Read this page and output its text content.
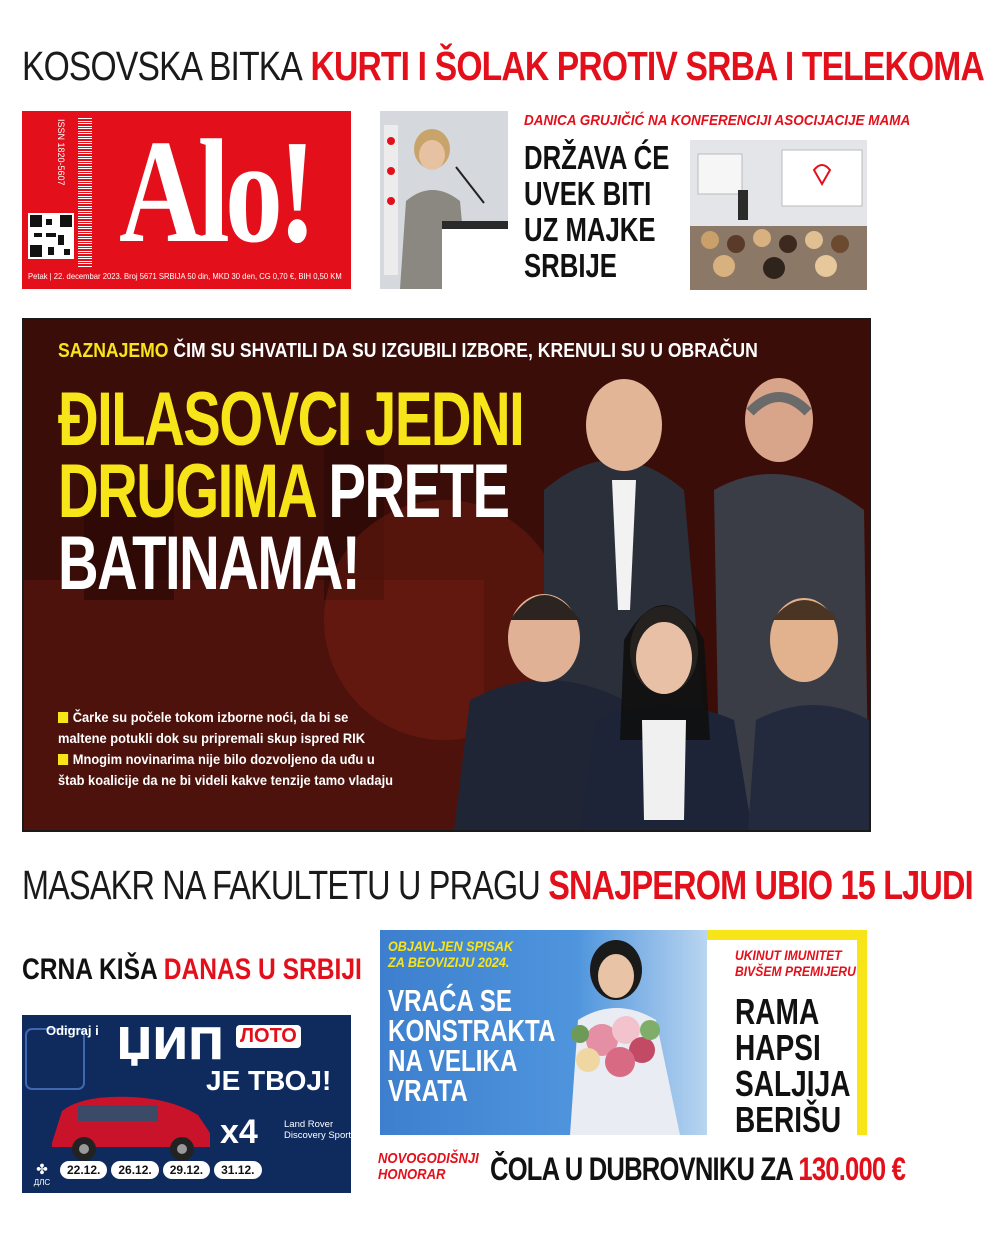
KOSOVSKA BITKA KURTI I ŠOLAK PROTIV SRBA I TELEKOMA
ISSN 1820-5607 Alo!
Petak | 22. decembar 2023. Broj 5671 SRBIJA 50 din, MKD 30 den, CG 0,70 €, BIH 0,50 KM
DANICA GRUJIČIĆ NA KONFERENCIJI ASOCIJACIJE MAMA
DRŽAVA ĆE
UVEK BITI
UZ MAJKE
SRBIJE
SAZNAJEMO ČIM SU SHVATILI DA SU IZGUBILI IZBORE, KRENULI SU U OBRAČUN
ĐILASOVCI JEDNI
DRUGIMA PRETE
BATINAMA!
Čarke su počele tokom izborne noći, da bi se
maltene potukli dok su pripremali skup ispred RIK
Mnogim novinarima nije bilo dozvoljeno da uđu u
štab koalicije da ne bi videli kakve tenzije tamo vladaju
MASAKR NA FAKULTETU U PRAGU SNAJPEROM UBIO 15 LJUDI
CRNA KIŠA DANAS U SRBIJI
Odigraj i ЏИП ЛОТО
JE ТВОЈ!
x4	Land Rover Discovery Sport
✤
ДЛС
22.12. 26.12. 29.12. 31.12.
OBJAVLJEN SPISAK
ZA BEOVIZIJU 2024.
VRAĆA SE
KONSTRAKTA
NA VELIKA
VRATA
UKINUT IMUNITET
BIVŠEM PREMIJERU
RAMA
HAPSI
SALJIJA
BERIŠU
NOVOGODIŠNJI
HONORAR	ČOLA U DUBROVNIKU ZA 130.000 €
